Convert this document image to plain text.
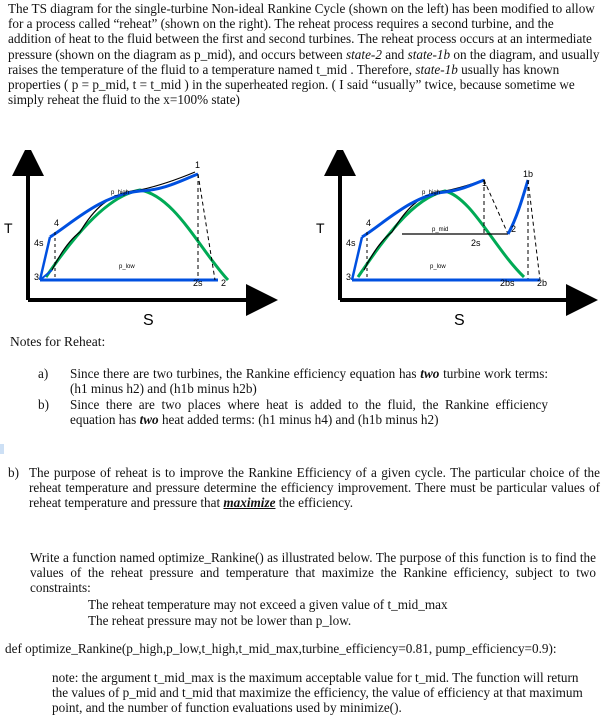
The TS diagram for the single-turbine Non-ideal Rankine Cycle (shown on the left) has been modified to allow for a process called “reheat” (shown on the right). The reheat process requires a second turbine, and the addition of heat to the fluid between the first and second turbines. The reheat process occurs at an intermediate pressure (shown on the diagram as p_mid), and occurs between state-2 and state-1b on the diagram, and usually raises the temperature of the fluid to a temperature named t_mid . Therefore, state-1b usually has known properties ( p = p_mid, t = t_mid ) in the superheated region. ( I said “usually” twice, because sometime we simply reheat the fluid to the x=100% state)

T
S
p_high
p_low
1
2
2s
3
4
4s
T
S
p_high
p_mid
p_low
1
1b
2
2s
2bs 2b
3
4
4s

Notes for Reheat:

a) Since there are two turbines, the Rankine efficiency equation has two turbine work terms: (h1 minus h2) and (h1b minus h2b)
b) Since there are two places where heat is added to the fluid, the Rankine efficiency equation has two heat added terms: (h1 minus h4) and (h1b minus h2)
b) The purpose of reheat is to improve the Rankine Efficiency of a given cycle. The particular choice of the reheat temperature and pressure determine the efficiency improvement. There must be particular values of reheat temperature and pressure that maximize the efficiency.

Write a function named optimize_Rankine() as illustrated below. The purpose of this function is to find the values of the reheat pressure and temperature that maximize the Rankine efficiency, subject to two constraints:

The reheat temperature may not exceed a given value of t_mid_max
The reheat pressure may not be lower than p_low.

def optimize_Rankine(p_high,p_low,t_high,t_mid_max,turbine_efficiency=0.81, pump_efficiency=0.9):

note: the argument t_mid_max is the maximum acceptable value for t_mid. The function will return the values of p_mid and t_mid that maximize the efficiency, the value of efficiency at that maximum point, and the number of function evaluations used by minimize().
